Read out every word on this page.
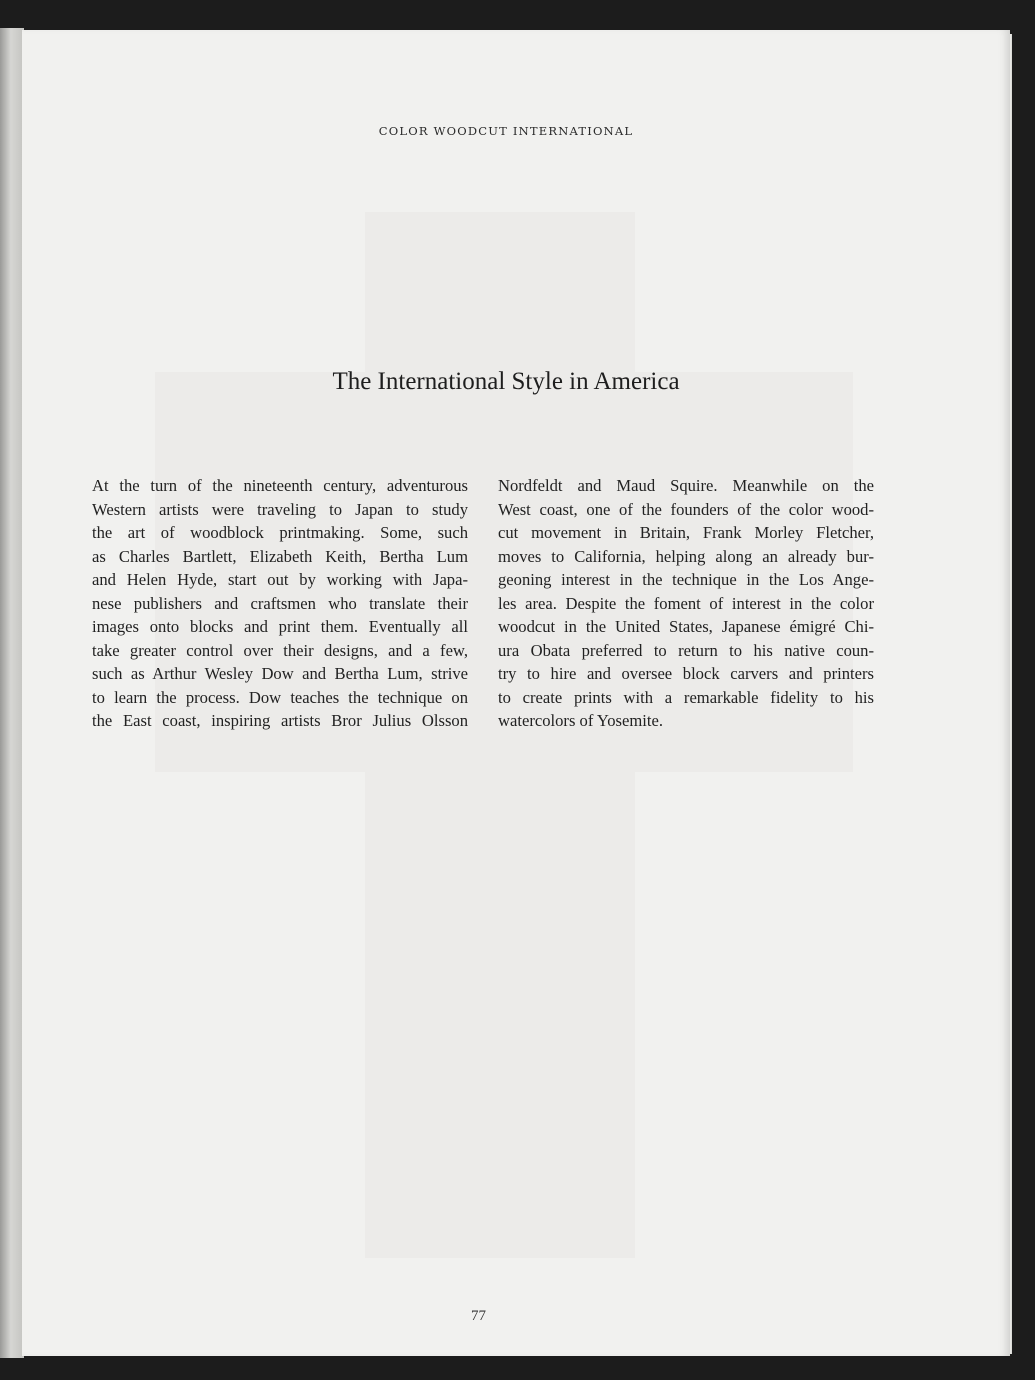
COLOR WOODCUT INTERNATIONAL
The International Style in America
At the turn of the nineteenth century, adventurous
Western artists were traveling to Japan to study
the art of woodblock printmaking. Some, such
as Charles Bartlett, Elizabeth Keith, Bertha Lum
and Helen Hyde, start out by working with Japa-
nese publishers and craftsmen who translate their
images onto blocks and print them. Eventually all
take greater control over their designs, and a few,
such as Arthur Wesley Dow and Bertha Lum, strive
to learn the process. Dow teaches the technique on
the East coast, inspiring artists Bror Julius Olsson
Nordfeldt and Maud Squire. Meanwhile on the
West coast, one of the founders of the color wood-
cut movement in Britain, Frank Morley Fletcher,
moves to California, helping along an already bur-
geoning interest in the technique in the Los Ange-
les area. Despite the foment of interest in the color
woodcut in the United States, Japanese émigré Chi-
ura Obata preferred to return to his native coun-
try to hire and oversee block carvers and printers
to create prints with a remarkable fidelity to his
watercolors of Yosemite.
77
